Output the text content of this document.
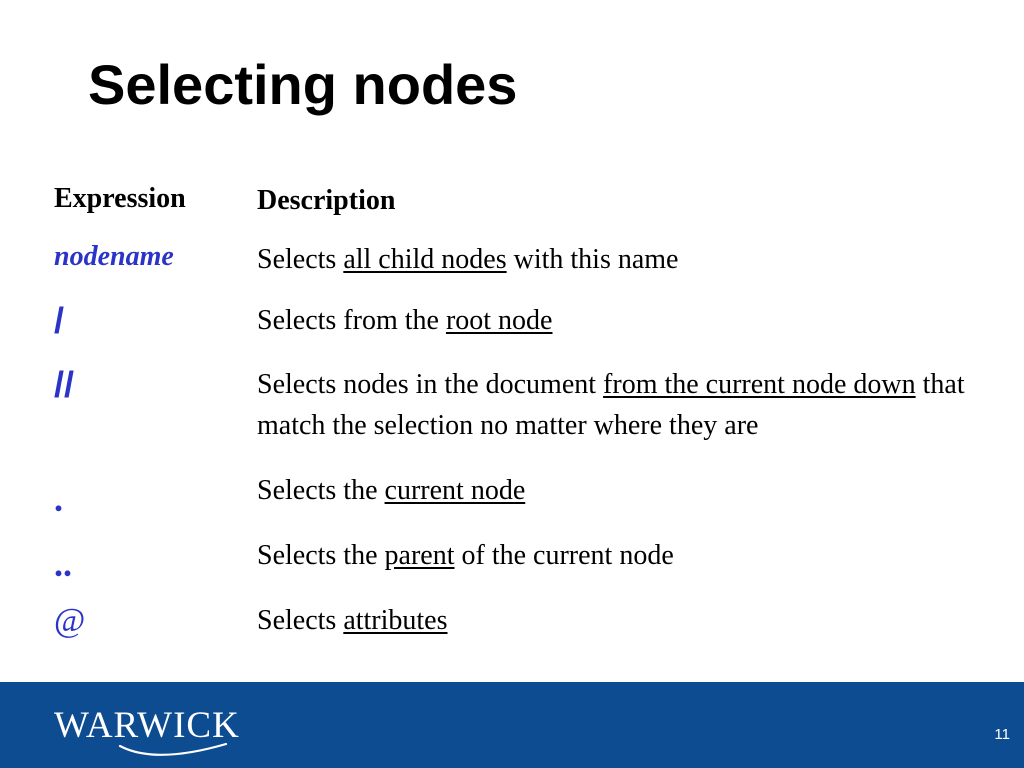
Selecting nodes
Expression	Description
nodename	Selects all child nodes with this name
/	Selects from the root node
//	Selects nodes in the document from the current node down that match the selection no matter where they are
.	Selects the current node
..	Selects the parent of the current node
@	Selects attributes
WARWICK	11
